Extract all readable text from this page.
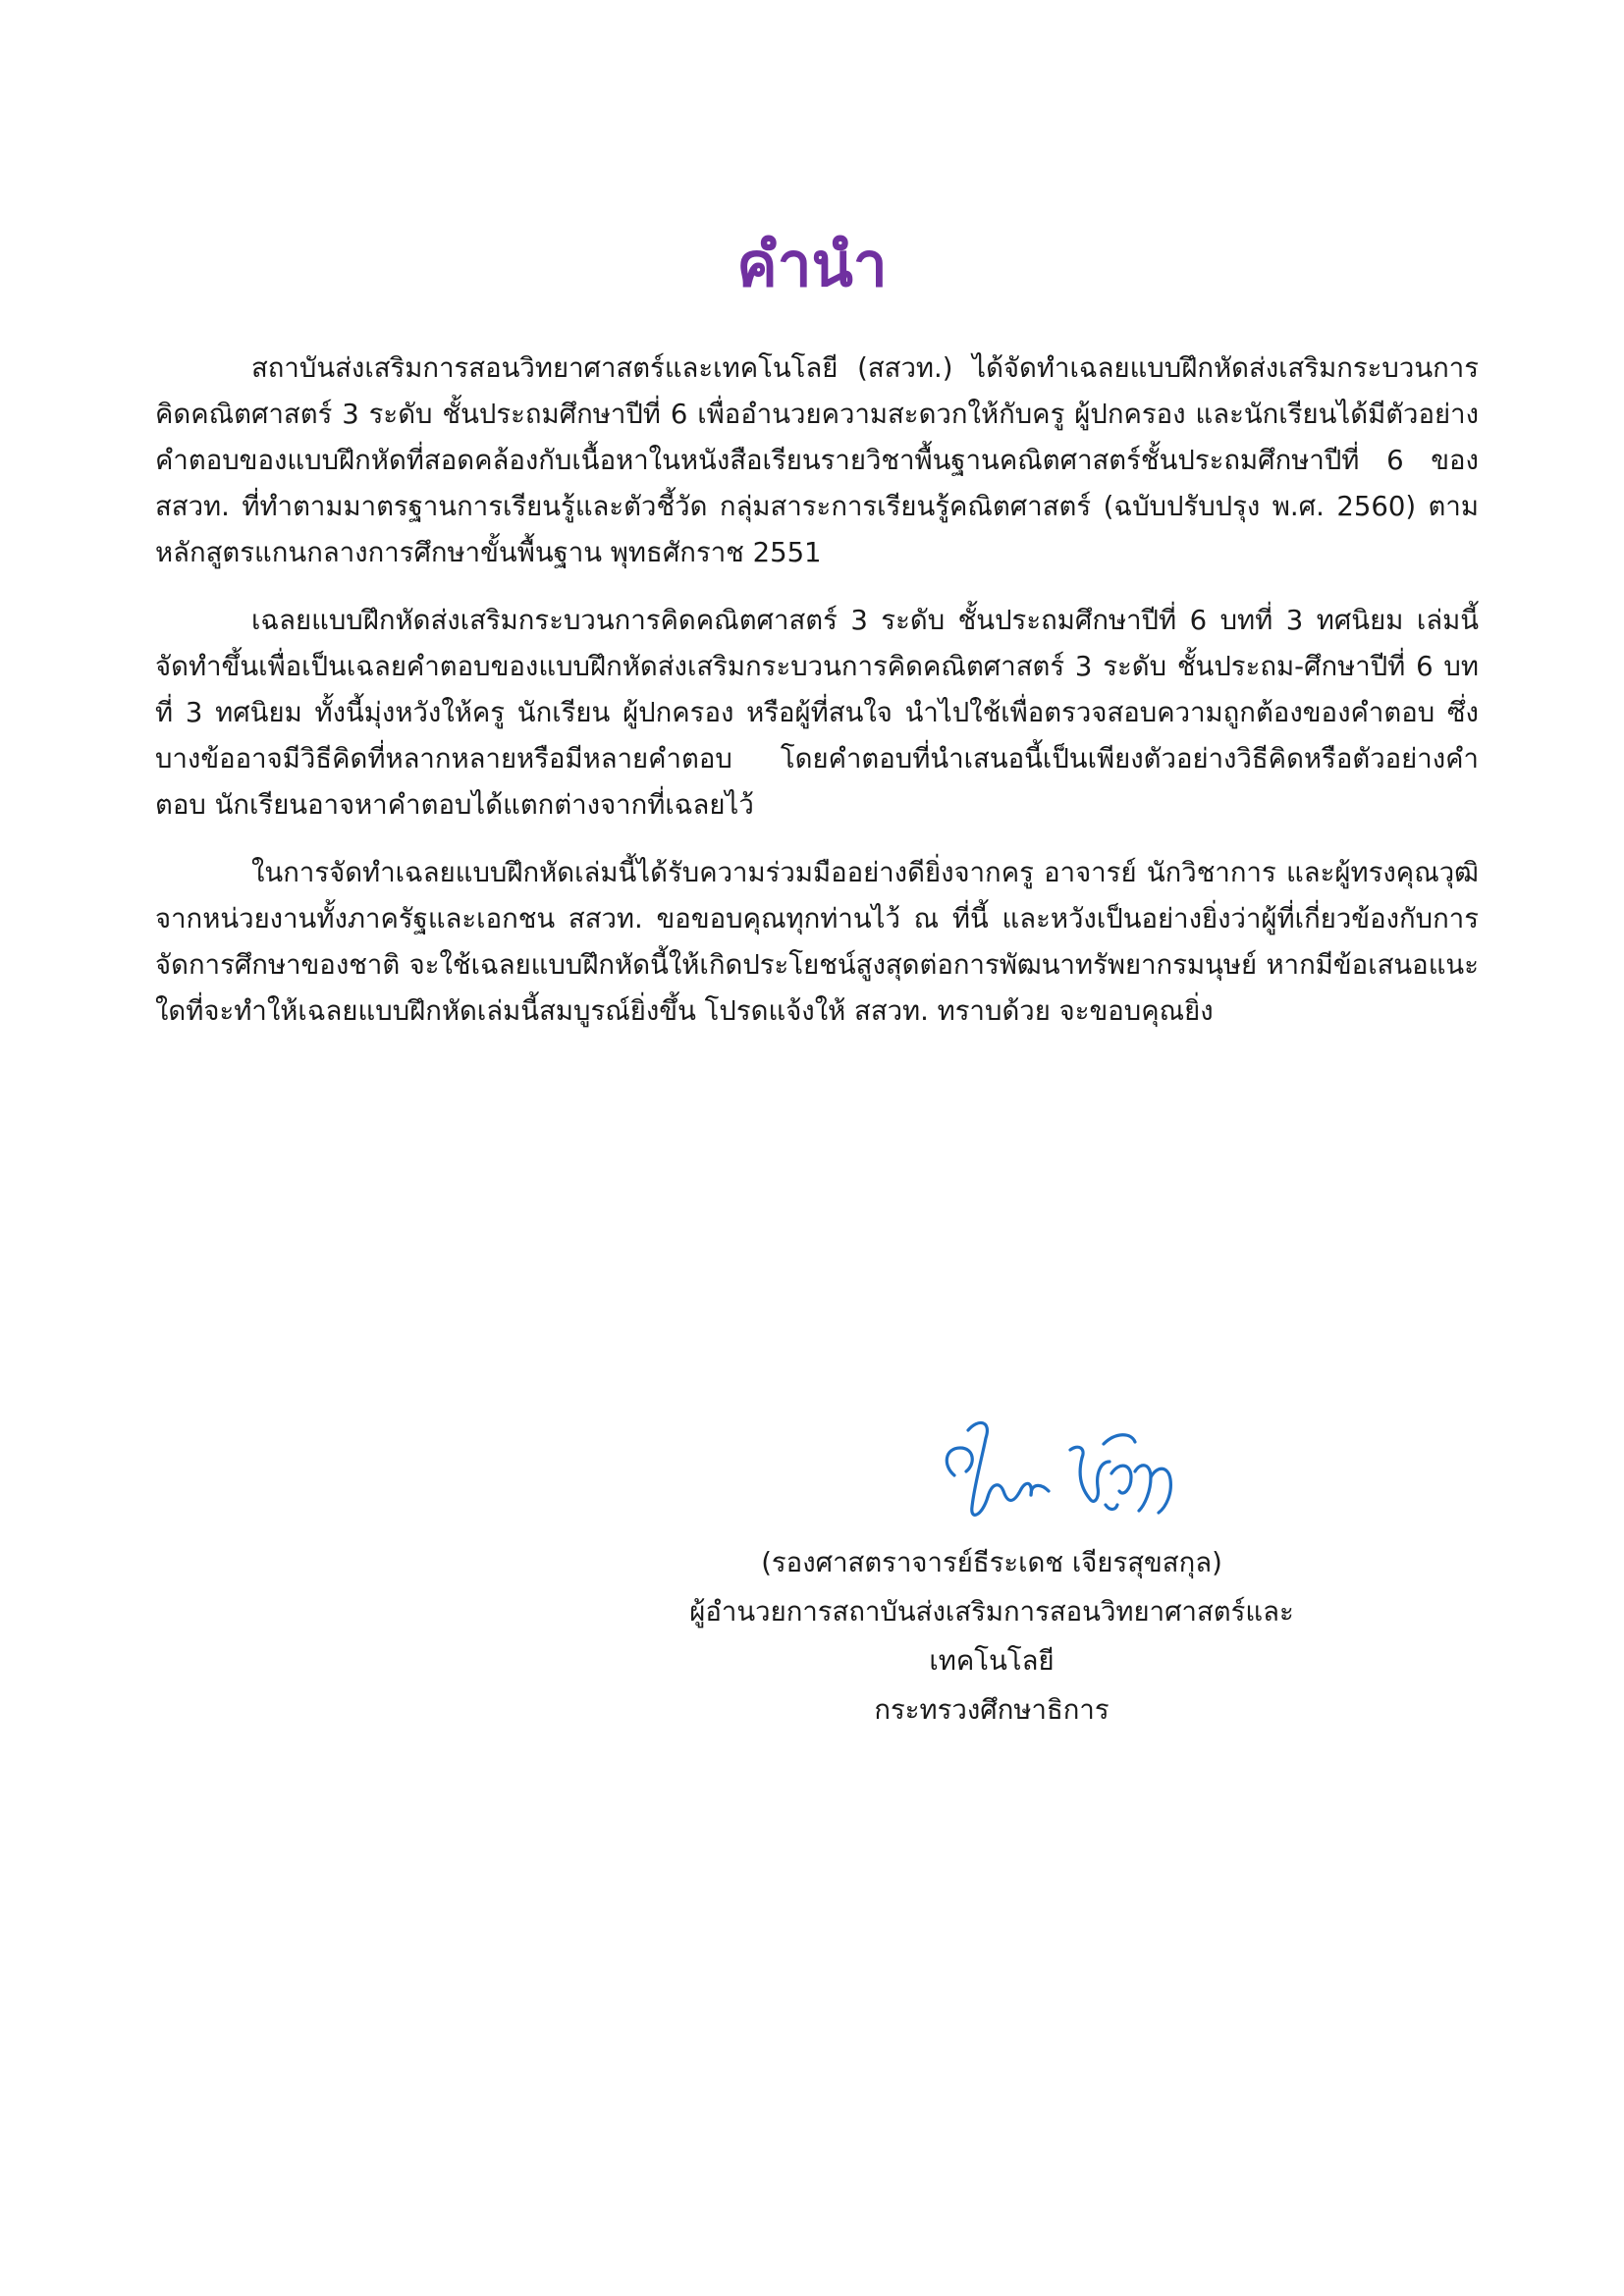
คำนำ

สถาบันส่งเสริมการสอนวิทยาศาสตร์และเทคโนโลยี (สสวท.) ได้จัดทำเฉลยแบบฝึกหัดส่งเสริมกระบวนการคิดคณิตศาสตร์ 3 ระดับ ชั้นประถมศึกษาปีที่ 6 เพื่ออำนวยความสะดวกให้กับครู ผู้ปกครอง และนักเรียนได้มีตัวอย่างคำตอบของแบบฝึกหัดที่สอดคล้องกับเนื้อหาในหนังสือเรียนรายวิชาพื้นฐานคณิตศาสตร์ชั้นประถมศึกษาปีที่ 6 ของ สสวท. ที่ทำตามมาตรฐานการเรียนรู้และตัวชี้วัด กลุ่มสาระการเรียนรู้คณิตศาสตร์ (ฉบับปรับปรุง พ.ศ. 2560) ตามหลักสูตรแกนกลางการศึกษาขั้นพื้นฐาน พุทธศักราช 2551

เฉลยแบบฝึกหัดส่งเสริมกระบวนการคิดคณิตศาสตร์ 3 ระดับ ชั้นประถมศึกษาปีที่ 6 บทที่ 3 ทศนิยม เล่มนี้ จัดทำขึ้นเพื่อเป็นเฉลยคำตอบของแบบฝึกหัดส่งเสริมกระบวนการคิดคณิตศาสตร์ 3 ระดับ ชั้นประถม-ศึกษาปีที่ 6 บทที่ 3 ทศนิยม ทั้งนี้มุ่งหวังให้ครู นักเรียน ผู้ปกครอง หรือผู้ที่สนใจ นำไปใช้เพื่อตรวจสอบความถูกต้องของคำตอบ ซึ่งบางข้ออาจมีวิธีคิดที่หลากหลายหรือมีหลายคำตอบ โดยคำตอบที่นำเสนอนี้เป็นเพียงตัวอย่างวิธีคิดหรือตัวอย่างคำตอบ นักเรียนอาจหาคำตอบได้แตกต่างจากที่เฉลยไว้

ในการจัดทำเฉลยแบบฝึกหัดเล่มนี้ได้รับความร่วมมืออย่างดียิ่งจากครู อาจารย์ นักวิชาการ และผู้ทรงคุณวุฒิจากหน่วยงานทั้งภาครัฐและเอกชน สสวท. ขอขอบคุณทุกท่านไว้ ณ ที่นี้ และหวังเป็นอย่างยิ่งว่าผู้ที่เกี่ยวข้องกับการจัดการศึกษาของชาติ จะใช้เฉลยแบบฝึกหัดนี้ให้เกิดประโยชน์สูงสุดต่อการพัฒนาทรัพยากรมนุษย์ หากมีข้อเสนอแนะใดที่จะทำให้เฉลยแบบฝึกหัดเล่มนี้สมบูรณ์ยิ่งขึ้น โปรดแจ้งให้ สสวท. ทราบด้วย จะขอบคุณยิ่ง

(รองศาสตราจารย์ธีระเดช เจียรสุขสกุล)
ผู้อำนวยการสถาบันส่งเสริมการสอนวิทยาศาสตร์และเทคโนโลยี
กระทรวงศึกษาธิการ
